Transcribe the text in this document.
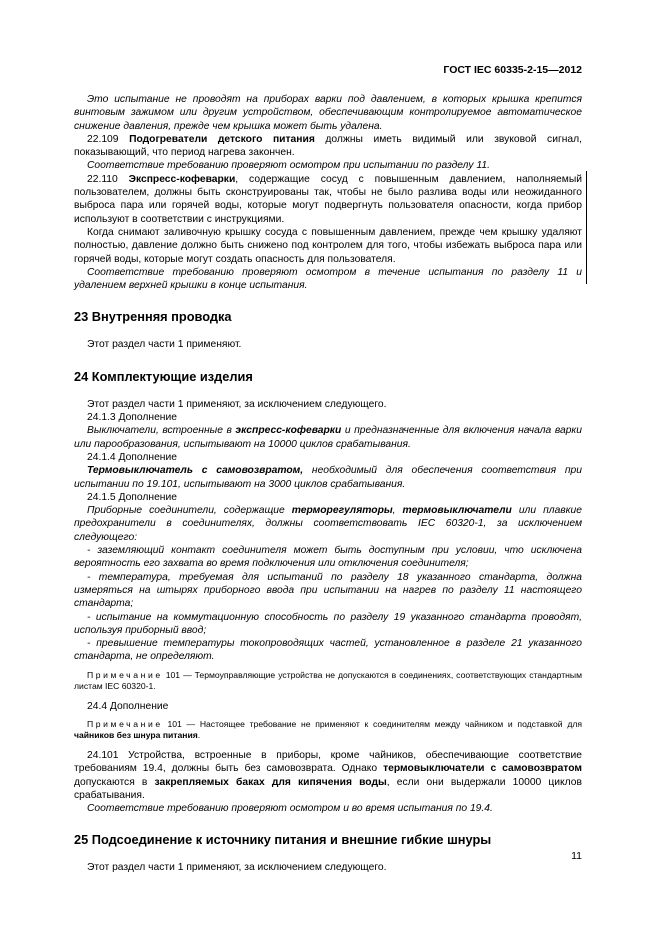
ГОСТ IEC 60335-2-15—2012

Это испытание не проводят на приборах варки под давлением, в которых крышка крепится винтовым зажимом или другим устройством, обеспечивающим контролируемое автоматическое снижение давления, прежде чем крышка может быть удалена.

22.109 Подогреватели детского питания должны иметь видимый или звуковой сигнал, показывающий, что период нагрева закончен.

Соответствие требованию проверяют осмотром при испытании по разделу 11.

22.110 Экспресс-кофеварки, содержащие сосуд с повышенным давлением, наполняемый пользователем, должны быть сконструированы так, чтобы не было разлива воды или неожиданного выброса пара или горячей воды, которые могут подвергнуть пользователя опасности, когда прибор используют в соответствии с инструкциями.

Когда снимают заливочную крышку сосуда с повышенным давлением, прежде чем крышку удаляют полностью, давление должно быть снижено под контролем для того, чтобы избежать выброса пара или горячей воды, которые могут создать опасность для пользователя.

Соответствие требованию проверяют осмотром в течение испытания по разделу 11 и удалением верхней крышки в конце испытания.

23 Внутренняя проводка

Этот раздел части 1 применяют.

24 Комплектующие изделия

Этот раздел части 1 применяют, за исключением следующего.

24.1.3 Дополнение

Выключатели, встроенные в экспресс-кофеварки и предназначенные для включения начала варки или парообразования, испытывают на 10000 циклов срабатывания.

24.1.4 Дополнение

Термовыключатель с самовозвратом, необходимый для обеспечения соответствия при испытании по 19.101, испытывают на 3000 циклов срабатывания.

24.1.5 Дополнение

Приборные соединители, содержащие терморегуляторы, термовыключатели или плавкие предохранители в соединителях, должны соответствовать IEC 60320-1, за исключением следующего:

- заземляющий контакт соединителя может быть доступным при условии, что исключена вероятность его захвата во время подключения или отключения соединителя;

- температура, требуемая для испытаний по разделу 18 указанного стандарта, должна измеряться на штырях приборного ввода при испытании на нагрев по разделу 11 настоящего стандарта;

- испытание на коммутационную способность по разделу 19 указанного стандарта проводят, используя приборный ввод;

- превышение температуры токопроводящих частей, установленное в разделе 21 указанного стандарта, не определяют.

Примечание 101 — Термоуправляющие устройства не допускаются в соединениях, соответствующих стандартным листам IEC 60320-1.

24.4 Дополнение

Примечание 101 — Настоящее требование не применяют к соединителям между чайником и подставкой для чайников без шнура питания.

24.101 Устройства, встроенные в приборы, кроме чайников, обеспечивающие соответствие требованиям 19.4, должны быть без самовозврата. Однако термовыключатели с самовозвратом допускаются в закрепляемых баках для кипячения воды, если они выдержали 10000 циклов срабатывания.

Соответствие требованию проверяют осмотром и во время испытания по 19.4.

25 Подсоединение к источнику питания и внешние гибкие шнуры

Этот раздел части 1 применяют, за исключением следующего.

11
